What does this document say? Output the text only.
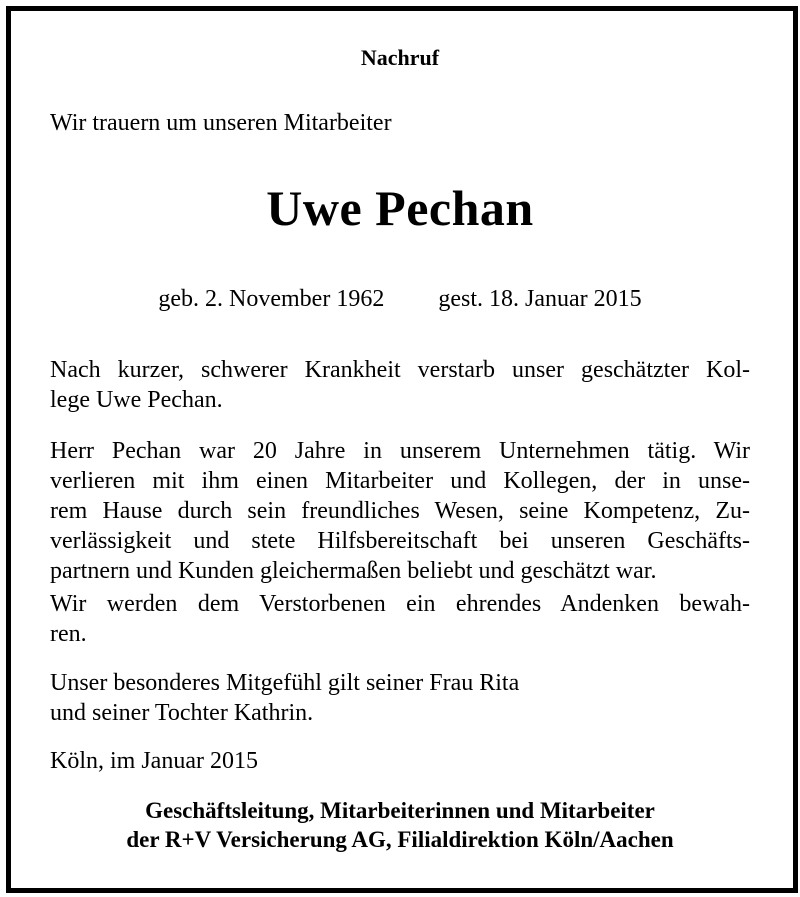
Nachruf
Wir trauern um unseren Mitarbeiter
Uwe Pechan
geb. 2. November 1962 gest. 18. Januar 2015
Nach kurzer, schwerer Krankheit verstarb unser geschätzter Kol-
lege Uwe Pechan.
Herr Pechan war 20 Jahre in unserem Unternehmen tätig. Wir
verlieren mit ihm einen Mitarbeiter und Kollegen, der in unse-
rem Hause durch sein freundliches Wesen, seine Kompetenz, Zu-
verlässigkeit und stete Hilfsbereitschaft bei unseren Geschäfts-
partnern und Kunden gleichermaßen beliebt und geschätzt war.
Wir werden dem Verstorbenen ein ehrendes Andenken bewah-
ren.
Unser besonderes Mitgefühl gilt seiner Frau Rita
und seiner Tochter Kathrin.
Köln, im Januar 2015
Geschäftsleitung, Mitarbeiterinnen und Mitarbeiter
der R+V Versicherung AG, Filialdirektion Köln/Aachen
